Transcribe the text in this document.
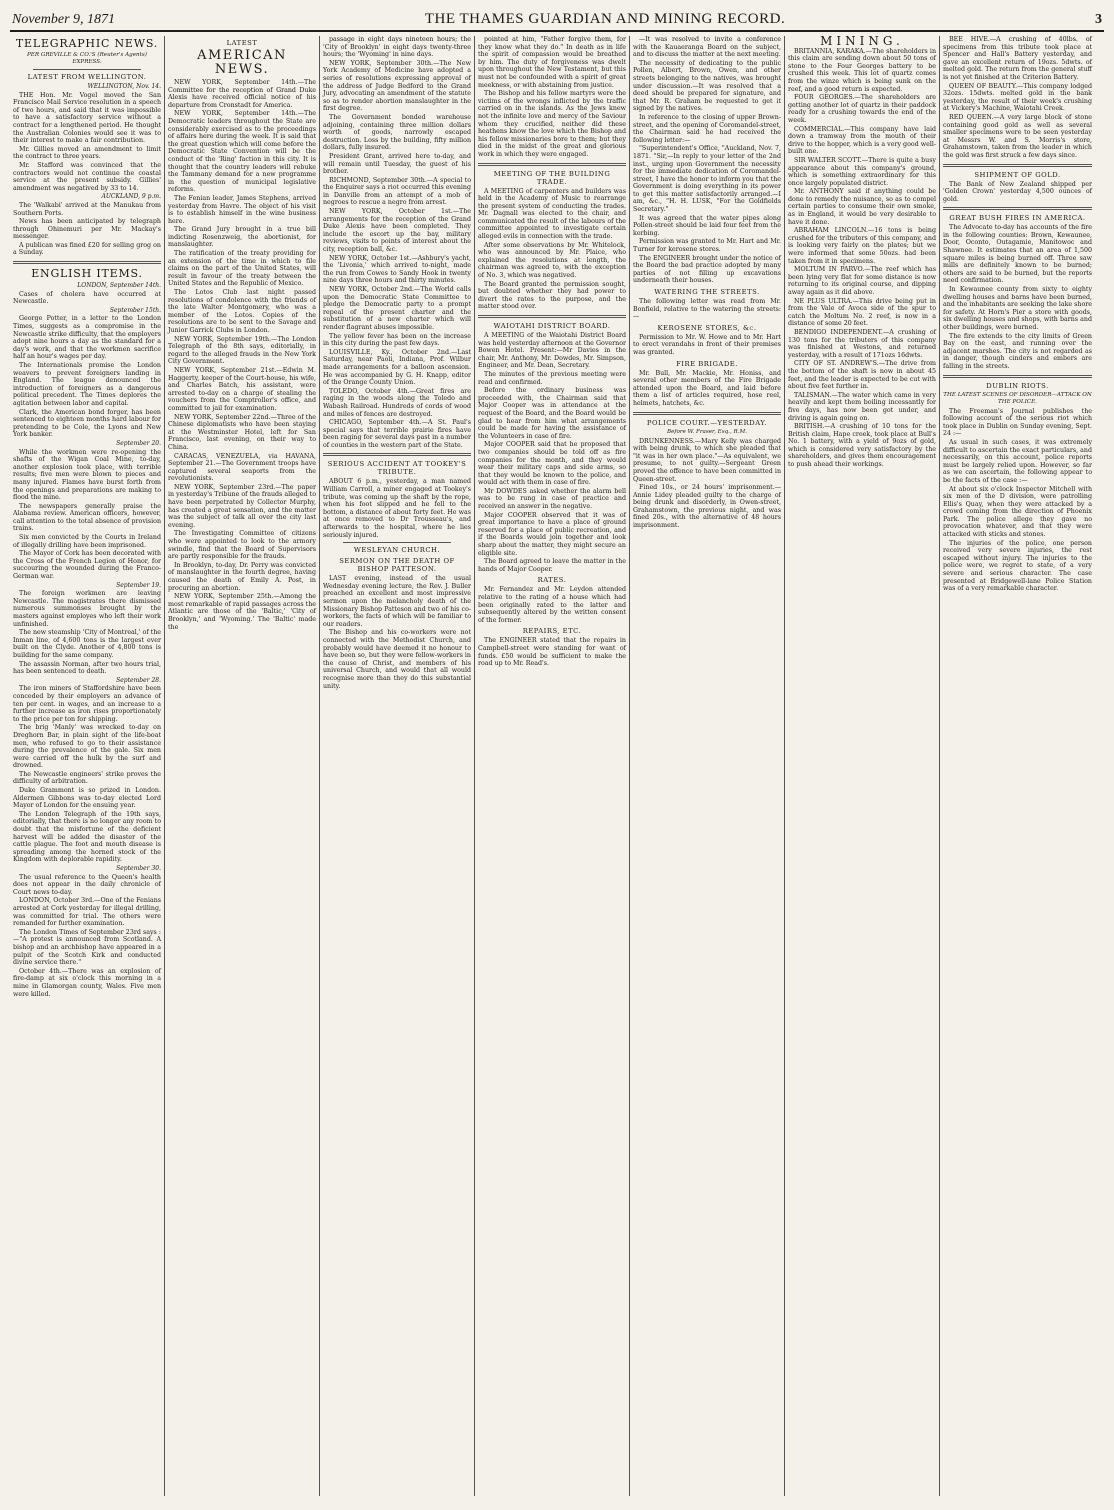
November 9, 1871	THE THAMES GUARDIAN AND MINING RECORD.	3
TELEGRAPHIC NEWS.
PER GREVILLE & CO.'S (Reuter's Agents) EXPRESS.
LATEST FROM WELLINGTON.
WELLINGTON, Nov. 14.

THE Hon. Mr. Vogel moved the San Francisco Mail Service resolution in a speech of two hours, and said that it was impossible to have a satisfactory service without a contract for a lengthened period. He thought the Australian Colonies would see it was to their interest to make a fair contribution.

Mr. Gillies moved an amendment to limit the contract to three years.

Mr. Stafford was convinced that the contractors would not continue the coastal service at the present subsidy. Gillies' amendment was negatived by 33 to 14.

AUCKLAND, 9 p.m.

The 'Walkabi' arrived at the Manukau from Southern Ports.

News has been anticipated by telegraph through Ohinemuri per Mr. Mackay's messenger.

A publican was fined £20 for selling grog on a Sunday.

ENGLISH ITEMS.
LONDON, September 14th.

Cases of cholera have occurred at Newcastle.

September 15th.

George Potter, in a letter to the London Times, suggests as a compromise in the Newcastle strike difficulty, that the employers adopt nine hours a day as the standard for a day's work, and that the workmen sacrifice half an hour's wages per day.

The Internationals promise the London weavers to prevent foreigners landing in England. The league denounced the introduction of foreigners as a dangerous political precedent. The Times deplores the agitation between labor and capital.

Clark, the American bond forger, has been sentenced to eighteen months hard labour for pretending to be Cole, the Lyons and New York banker.

September 20.

While the workmen were re-opening the shafts of the Wigan Coal Mine, to-day, another explosion took place, with terrible results; five men were blown to pieces and many injured. Flames have burst forth from the openings and preparations are making to flood the mine.

The newspapers generally praise the Alabama review. American officers, however, call attention to the total absence of provision trains.

Six men convicted by the Courts in Ireland of illegally drilling have been imprisoned.

The Mayor of Cork has been decorated with the Cross of the French Legion of Honor, for succouring the wounded during the Franco-German war.

September 19.

The foreign workmen are leaving Newcastle. The magistrates there dismissed numerous summonses brought by the masters against employes who left their work unfinished.

The new steamship 'City of Montreal,' of the Inman line, of 4,600 tons is the largest ever built on the Clyde. Another of 4,800 tons is building for the same company.

The assassin Norman, after two hours trial, has been sentenced to death.

September 28.

The iron miners of Staffordshire have been conceded by their employers an advance of ten per cent. in wages, and an increase to a further increase as iron rises proportionately to the price per ton for shipping.

The brig 'Manly' was wrecked to-day on Dreghorn Bar, in plain sight of the life-boat men, who refused to go to their assistance during the prevalence of the gale. Six men were carried off the hulk by the surf and drowned.

The Newcastle engineers' strike proves the difficulty of arbitration.

Duke Grammont is so prized in London. Aldermen Gibbons was to-day elected Lord Mayor of London for the ensuing year.

The London Telegraph of the 19th says, editorially, that there is no longer any room to doubt that the misfortune of the deficient harvest will be added the disaster of the cattle plague. The foot and mouth disease is spreading among the horned stock of the Kingdom with deplorable rapidity.

September 30.

The usual reference to the Queen's health does not appear in the daily chronicle of Court news to-day.

LONDON, October 3rd.—One of the Fenians arrested at Cork yesterday for illegal drilling, was committed for trial. The others were remanded for further examination.

The London Times of September 23rd says :—"A protest is announced from Scotland. A bishop and an archbishop have appeared in a pulpit of the Scotch Kirk and conducted divine service there."

October 4th.—There was an explosion of fire-damp at six o'clock this morning in a mine in Glamorgan county, Wales. Five men were killed.

LATEST
AMERICAN NEWS.

NEW YORK, September 14th.—The Committee for the reception of Grand Duke Alexis have received official notice of his departure from Cronstadt for America.

NEW YORK, September 14th.—The Democratic leaders throughout the State are considerably exercised as to the proceedings of affairs here during the week. It is said that the great question which will come before the Democratic State Convention will be the conduct of the 'Ring' faction in this city. It is thought that the country leaders will rebuke the Tammany demand for a new programme in the question of municipal legislative reforms.

The Fenian leader, James Stephens, arrived yesterday from Havre. The object of his visit is to establish himself in the wine business here.

The Grand Jury brought in a true bill indicting Rosenzweig, the abortionist, for manslaughter.

The ratification of the treaty providing for an extension of the time in which to file claims on the part of the United States, will result in favour of the treaty between the United States and the Republic of Mexico.

The Lotos Club last night passed resolutions of condolence with the friends of the late Walter Montgomery, who was a member of the Lotos. Copies of the resolutions are to be sent to the Savage and Junior Garrick Clubs in London.

NEW YORK, September 19th.—The London Telegraph of the 8th says, editorially, in regard to the alleged frauds in the New York City Government.

NEW YORK, September 21st.—Edwin M. Haggerty, keeper of the Court-house, his wife, and Charles Batch, his assistant, were arrested to-day on a charge of stealing the vouchers from the Comptroller's office, and committed to jail for examination.

NEW YORK, September 22nd.—Three of the Chinese diplomatists who have been staying at the Westminster Hotel, left for San Francisco, last evening, on their way to China.

CARACAS, VENEZUELA, via HAVANA, September 21.—The Government troops have captured several seaports from the revolutionists.

NEW YORK, September 23rd.—The paper in yesterday's Tribune of the frauds alleged to have been perpetrated by Collector Murphy, has created a great sensation, and the matter was the subject of talk all over the city last evening.

The Investigating Committee of citizens who were appointed to look to the armory swindle, find that the Board of Supervisors are partly responsible for the frauds.

In Brooklyn, to-day, Dr. Perry was convicted of manslaughter in the fourth degree, having caused the death of Emily A. Post, in procuring an abortion.

NEW YORK, September 25th.—Among the most remarkable of rapid passages across the Atlantic are those of the 'Baltic,' 'City of Brooklyn,' and 'Wyoming.' The 'Baltic' made the

passage in eight days nineteen hours; the 'City of Brooklyn' in eight days twenty-three hours; the 'Wyoming' in nine days.

NEW YORK, September 30th.—The New York Academy of Medicine have adopted a series of resolutions expressing approval of the address of Judge Bedford to the Grand Jury, advocating an amendment of the statute so as to render abortion manslaughter in the first degree.

The Government bonded warehouse adjoining, containing three million dollars worth of goods, narrowly escaped destruction. Loss by the building, fifty million dollars, fully insured.

President Grant, arrived here to-day, and will remain until Tuesday, the guest of his brother.

RICHMOND, September 30th.—A special to the Enquirer says a riot occurred this evening in Danville from an attempt of a mob of negroes to rescue a negro from arrest.

NEW YORK, October 1st.—The arrangements for the reception of the Grand Duke Alexis have been completed. They include the escort up the bay, military reviews, visits to points of interest about the city, reception ball, &c.

NEW YORK, October 1st.—Ashbury's yacht, the 'Livonia,' which arrived to-night, made the run from Cowes to Sandy Hook in twenty nine days three hours and thirty minutes.

NEW YORK, October 2nd.—The World calls upon the Democratic State Committee to pledge the Democratic party to a prompt repeal of the present charter and the substitution of a new charter which will render flagrant abuses impossible.

The yellow fever has been on the increase in this city during the past few days.

LOUISVILLE, Ky., October 2nd.—Last Saturday, near Paoli, Indiana, Prof. Wilbur made arrangements for a balloon ascension. He was accompanied by G. H. Knapp, editor of the Orange County Union.

TOLEDO, October 4th.—Great fires are raging in the woods along the Toledo and Wabash Railroad. Hundreds of cords of wood and miles of fences are destroyed.

CHICAGO, September 4th.—A St. Paul's special says that terrible prairie fires have been raging for several days past in a number of counties in the western part of the State.

SERIOUS ACCIDENT AT TOOKEY'S TRIBUTE.

ABOUT 6 p.m., yesterday, a man named William Carroll, a miner engaged at Tookey's tribute, was coming up the shaft by the rope, when his foot slipped and he fell to the bottom, a distance of about forty feet. He was at once removed to Dr Trousseau's, and afterwards to the hospital, where he lies seriously injured.

WESLEYAN CHURCH.
SERMON ON THE DEATH OF BISHOP PATTESON.

LAST evening, instead of the usual Wednesday evening lecture, the Rev. J. Buller preached an excellent and most impressive sermon upon the melancholy death of the Missionary Bishop Patteson and two of his co-workers, the facts of which will be familiar to our readers.

The Bishop and his co-workers were not connected with the Methodist Church, and probably would have deemed it no honour to have been so, but they were fellow-workers in the cause of Christ, and members of his universal Church, and would that all would recognise more than they do this substantial unity.

pointed at him, "Father forgive them, for they know what they do." In death as in life the spirit of compassion would be breathed by him. The duty of forgiveness was dwelt upon throughout the New Testament, but this must not be confounded with a spirit of great meekness, or with abstaining from justice.

The Bishop and his fellow martyrs were the victims of the wrongs inflicted by the traffic carried on in the islands. As the Jews knew not the infinite love and mercy of the Saviour whom they crucified, neither did these heathens know the love which the Bishop and his fellow missionaries bore to them; but they died in the midst of the great and glorious work in which they were engaged.

MEETING OF THE BUILDING TRADE.

A MEETING of carpenters and builders was held in the Academy of Music to rearrange the present system of conducting the trades. Mr. Dagnall was elected to the chair, and communicated the result of the labours of the committee appointed to investigate certain alleged evils in connection with the trade.

After some observations by Mr. Whitelock, who was announced by Mr. Plaice, who explained the resolutions at length, the chairman was agreed to, with the exception of No. 3, which was negatived.

The Board granted the permission sought, but doubted whether they had power to divert the rates to the purpose, and the matter stood over.

WAIOTAHI DISTRICT BOARD.

A MEETING of the Waiotahi District Board was held yesterday afternoon at the Governor Bowen Hotel. Present:—Mr Davies in the chair, Mr. Anthony, Mr. Dowdes, Mr. Simpson, Engineer, and Mr. Dean, Secretary.

The minutes of the previous meeting were read and confirmed.

Before the ordinary business was proceeded with, the Chairman said that Major Cooper was in attendance at the request of the Board, and the Board would be glad to hear from him what arrangements could be made for having the assistance of the Volunteers in case of fire.

Major COOPER said that he proposed that two companies should be told off as fire companies for the month, and they would wear their military caps and side arms, so that they would be known to the police, and would act with them in case of fire.

Mr DOWDES asked whether the alarm bell was to be rung in case of practice and received an answer in the negative.

Major COOPER observed that it was of great importance to have a place of ground reserved for a place of public recreation, and if the Boards would join together and look sharp about the matter, they might secure an eligible site.

The Board agreed to leave the matter in the hands of Major Cooper.

RATES.

Mr. Fernandez and Mr. Leydon attended relative to the rating of a house which had been originally rated to the latter and subsequently altered by the written consent of the former.

REPAIRS, ETC.

The ENGINEER stated that the repairs in Campbell-street were standing for want of funds. £50 would be sufficient to make the road up to Mr. Read's.

—It was resolved to invite a conference with the Kauaeranga Board on the subject, and to discuss the matter at the next meeting.

The necessity of dedicating to the public Pollen, Albert, Brown, Owen, and other streets belonging to the natives, was brought under discussion.—It was resolved that a deed should be prepared for signature, and that Mr. R. Graham be requested to get it signed by the natives.

In reference to the closing of upper Brown-street, and the opening of Coromandel-street, the Chairman said he had received the following letter:—

"Superintendent's Office, "Auckland, Nov. 7, 1871. "Sir,—In reply to your letter of the 2nd inst., urging upon Government the necessity for the immediate dedication of Coromandel-street, I have the honor to inform you that the Government is doing everything in its power to get this matter satisfactorily arranged.—I am, &c., "H. H. LUSK, "For the Goldfields Secretary."

It was agreed that the water pipes along Pollen-street should be laid four feet from the kerbing.

Permission was granted to Mr. Hart and Mr. Turner for kerosene stores.

The ENGINEER brought under the notice of the Board the bad practice adopted by many parties of not filling up excavations underneath their houses.

WATERING THE STREETS.

The following letter was read from Mr. Bonfield, relative to the watering the streets:—

KEROSENE STORES, &c.

Permission to Mr. W. Howe and to Mr. Hart to erect verandahs in front of their premises was granted.

FIRE BRIGADE.

Mr. Bull, Mr. Mackie, Mr. Honiss, and several other members of the Fire Brigade attended upon the Board, and laid before them a list of articles required, hose reel, helmets, hatchets, &c.

POLICE COURT.—YESTERDAY.
Before W. Fraser, Esq., R.M.

DRUNKENNESS.—Mary Kelly was charged with being drunk, to which she pleaded that "it was in her own place."—As equivalent, we presume, to not guilty.—Sergeant Green proved the offence to have been committed in Queen-street.

Fined 10s., or 24 hours' imprisonment.—Annie Lidey pleaded guilty to the charge of being drunk and disorderly, in Owen-street, Grahamstown, the previous night, and was fined 20s., with the alternative of 48 hours imprisonment.

MINING.

BRITANNIA, KARAKA.—The shareholders in this claim are sending down about 50 tons of stone to the Four Georges battery to be crushed this week. This lot of quartz comes from the winze which is being sunk on the reef, and a good return is expected.

FOUR GEORGES.—The shareholders are getting another lot of quartz in their paddock ready for a crushing towards the end of the week.

COMMERCIAL.—This company have laid down a tramway from the mouth of their drive to the hopper, which is a very good well-built one.

SIR WALTER SCOTT.—There is quite a busy appearance about this company's ground, which is something extraordinary for this once largely populated district.

Mr. ANTHONY said if anything could be done to remedy the nuisance, so as to compel certain parties to consume their own smoke, as in England, it would be very desirable to have it done.

ABRAHAM LINCOLN.—16 tons is being crushed for the tributers of this company, and is looking very fairly on the plates; but we were informed that some 50ozs. had been taken from it in specimens.

MOLTUM IN PARVO.—The reef which has been lying very flat for some distance is now returning to its original course, and dipping away again as it did above.

NE PLUS ULTRA.—This drive being put in from the Vale of Avoca side of the spur to catch the Moltum No. 2 reef, is now in a distance of some 20 feet.

BENDIGO INDEPENDENT.—A crushing of 130 tons for the tributers of this company was finished at Westons, and returned yesterday, with a result of 171ozs 16dwts.

CITY OF ST. ANDREW'S.—The drive from the bottom of the shaft is now in about 45 feet, and the leader is expected to be cut with about five feet further in.

TALISMAN.—The water which came in very heavily and kept them boiling incessantly for five days, has now been got under, and driving is again going on.

BRITISH.—A crushing of 10 tons for the British claim, Hape creek, took place at Bull's No. 1 battery, with a yield of 9ozs of gold, which is considered very satisfactory by the shareholders, and gives them encouragement to push ahead their workings.

BEE HIVE.—A crushing of 40lbs. of specimens from this tribute took place at Spencer and Hall's Battery yesterday, and gave an excellent return of 19ozs. 5dwts. of melted gold. The return from the general stuff is not yet finished at the Criterion Battery.

QUEEN OF BEAUTY.—This company lodged 32ozs. 15dwts. melted gold in the bank yesterday, the result of their week's crushing at Vickery's Machine, Waiotahi Creek.

RED QUEEN.—A very large block of stone containing good gold as well as several smaller specimens were to be seen yesterday at Messrs W. and S. Morris's store, Grahamstown, taken from the leader in which the gold was first struck a few days since.

SHIPMENT OF GOLD.

The Bank of New Zealand shipped per 'Golden Crown' yesterday 4,500 ounces of gold.

GREAT BUSH FIRES IN AMERICA.

The Advocate to-day has accounts of the fire in the following counties: Brown, Kewaunee, Door, Oconto, Outagamie, Manitowoc and Shawnee. It estimates that an area of 1,500 square miles is being burned off. Three saw mills are definitely known to be burned; others are said to be burned, but the reports need confirmation.

In Kewaunee county from sixty to eighty dwelling houses and barns have been burned, and the inhabitants are seeking the lake shore for safety. At Horn's Pier a store with goods, six dwelling houses and shops, with barns and other buildings, were burned.

The fire extends to the city limits of Green Bay on the east, and running over the adjacent marshes. The city is not regarded as in danger, though cinders and embers are falling in the streets.

DUBLIN RIOTS.
THE LATEST SCENES OF DISORDER—ATTACK ON THE POLICE.

The Freeman's Journal publishes the following account of the serious riot which took place in Dublin on Sunday evening, Sept. 24 :—

As usual in such cases, it was extremely difficult to ascertain the exact particulars, and necessarily, on this account, police reports must be largely relied upon. However, so far as we can ascertain, the following appear to be the facts of the case :—

At about six o'clock Inspector Mitchell with six men of the D division, were patrolling Ellis's Quay, when they were attacked by a crowd coming from the direction of Phoenix Park. The police allege they gave no provocation whatever, and that they were attacked with sticks and stones.

The injuries of the police, one person received very severe injuries, the rest escaped without injury. The injuries to the police were, we regret to state, of a very severe and serious character. The case presented at Bridgewell-lane Police Station was of a very remarkable character.
